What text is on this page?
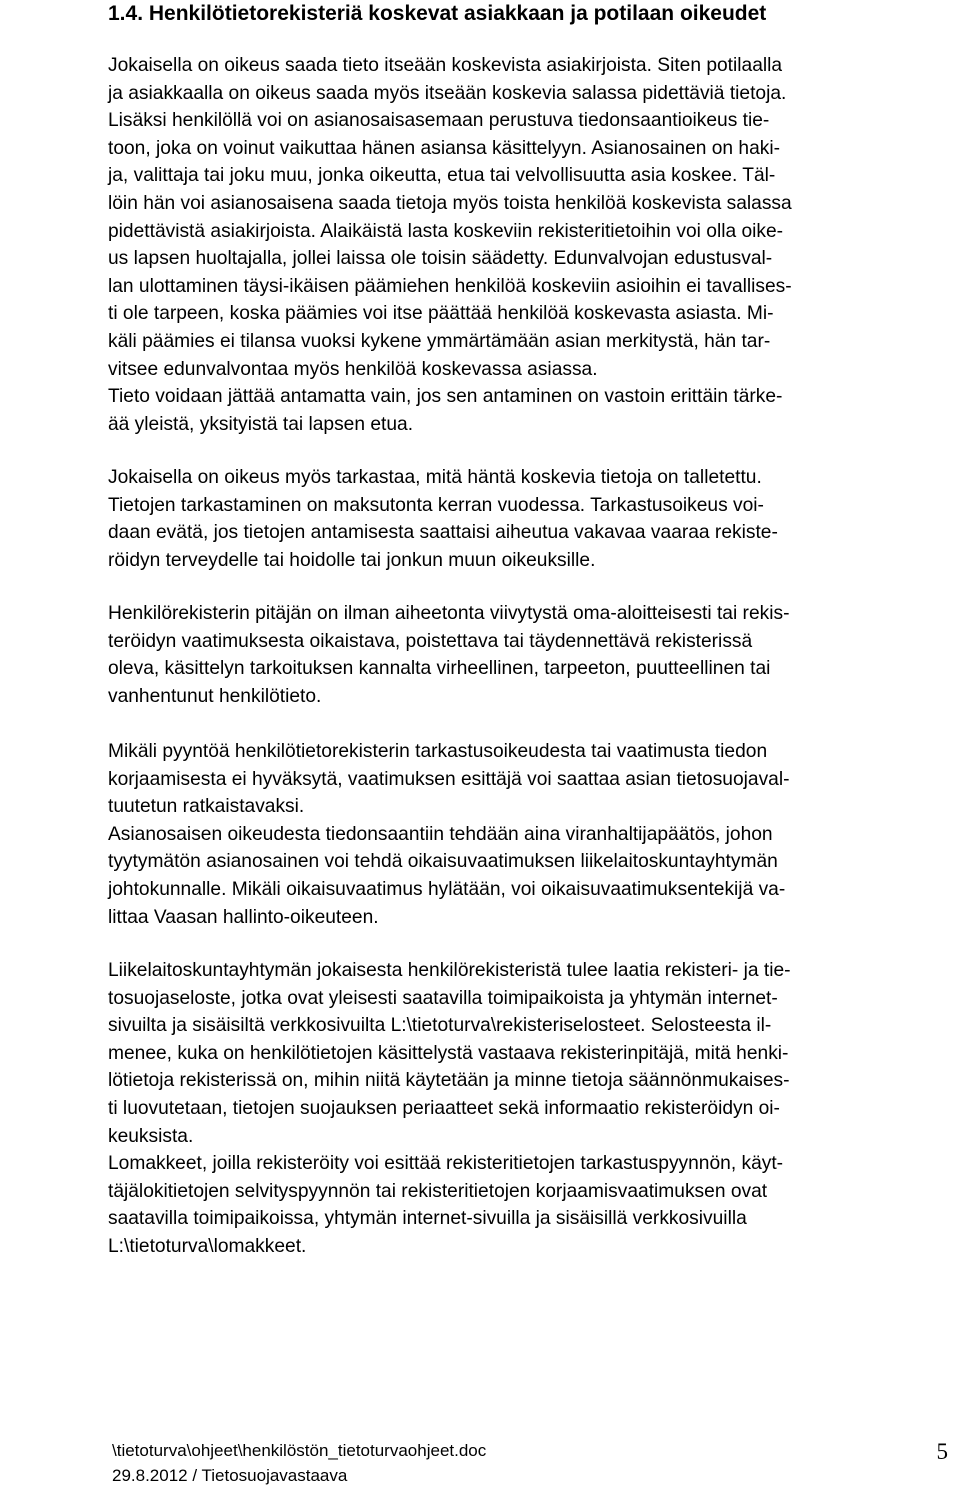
1.4. Henkilötietorekisteriä koskevat asiakkaan ja potilaan oikeudet
Jokaisella on oikeus saada tieto itseään koskevista asiakirjoista. Siten potilaalla
ja asiakkaalla on oikeus saada myös itseään koskevia salassa pidettäviä tietoja.
Lisäksi henkilöllä voi on asianosaisasemaan perustuva tiedonsaantioikeus tie-
toon, joka on voinut vaikuttaa hänen asiansa käsittelyyn. Asianosainen on haki-
ja, valittaja tai joku muu, jonka oikeutta, etua tai velvollisuutta asia koskee. Täl-
löin hän voi asianosaisena saada tietoja myös toista henkilöä koskevista salassa
pidettävistä asiakirjoista. Alaikäistä lasta koskeviin rekisteritietoihin voi olla oike-
us lapsen huoltajalla, jollei laissa ole toisin säädetty. Edunvalvojan edustusval-
lan ulottaminen täysi-ikäisen päämiehen henkilöä koskeviin asioihin ei tavallises-
ti ole tarpeen, koska päämies voi itse päättää henkilöä koskevasta asiasta. Mi-
käli päämies ei tilansa vuoksi kykene ymmärtämään asian merkitystä, hän tar-
vitsee edunvalvontaa myös henkilöä koskevassa asiassa.
Tieto voidaan jättää antamatta vain, jos sen antaminen on vastoin erittäin tärke-
ää yleistä, yksityistä tai lapsen etua.
Jokaisella on oikeus myös tarkastaa, mitä häntä koskevia tietoja on talletettu.
Tietojen tarkastaminen on maksutonta kerran vuodessa. Tarkastusoikeus voi-
daan evätä, jos tietojen antamisesta saattaisi aiheutua vakavaa vaaraa rekiste-
röidyn terveydelle tai hoidolle tai jonkun muun oikeuksille.
Henkilörekisterin pitäjän on ilman aiheetonta viivytystä oma-aloitteisesti tai rekis-
teröidyn vaatimuksesta oikaistava, poistettava tai täydennettävä rekisterissä
oleva, käsittelyn tarkoituksen kannalta virheellinen, tarpeeton, puutteellinen tai
vanhentunut henkilötieto.
Mikäli pyyntöä henkilötietorekisterin tarkastusoikeudesta tai vaatimusta tiedon
korjaamisesta ei hyväksytä, vaatimuksen esittäjä voi saattaa asian tietosuojaval-
tuutetun ratkaistavaksi.
Asianosaisen oikeudesta tiedonsaantiin tehdään aina viranhaltijapäätös, johon
tyytymätön asianosainen voi tehdä oikaisuvaatimuksen liikelaitoskuntayhtymän
johtokunnalle. Mikäli oikaisuvaatimus hylätään, voi oikaisuvaatimuksentekijä va-
littaa Vaasan hallinto-oikeuteen.
Liikelaitoskuntayhtymän jokaisesta henkilörekisteristä tulee laatia rekisteri- ja tie-
tosuojaseloste, jotka ovat yleisesti saatavilla toimipaikoista ja yhtymän internet-
sivuilta ja sisäisiltä verkkosivuilta L:\tietoturva\rekisteriselosteet. Selosteesta il-
menee, kuka on henkilötietojen käsittelystä vastaava rekisterinpitäjä, mitä henki-
lötietoja rekisterissä on, mihin niitä käytetään ja minne tietoja säännönmukaises-
ti luovutetaan, tietojen suojauksen periaatteet sekä informaatio rekisteröidyn oi-
keuksista.
Lomakkeet, joilla rekisteröity voi esittää rekisteritietojen tarkastuspyynnön, käyt-
täjälokitietojen selvityspyynnön tai rekisteritietojen korjaamisvaatimuksen ovat
saatavilla toimipaikoissa, yhtymän internet-sivuilla ja sisäisillä verkkosivuilla
L:\tietoturva\lomakkeet.
\tietoturva\ohjeet\henkilöstön_tietoturvaohjeet.doc
29.8.2012 / Tietosuojavastaava
5
